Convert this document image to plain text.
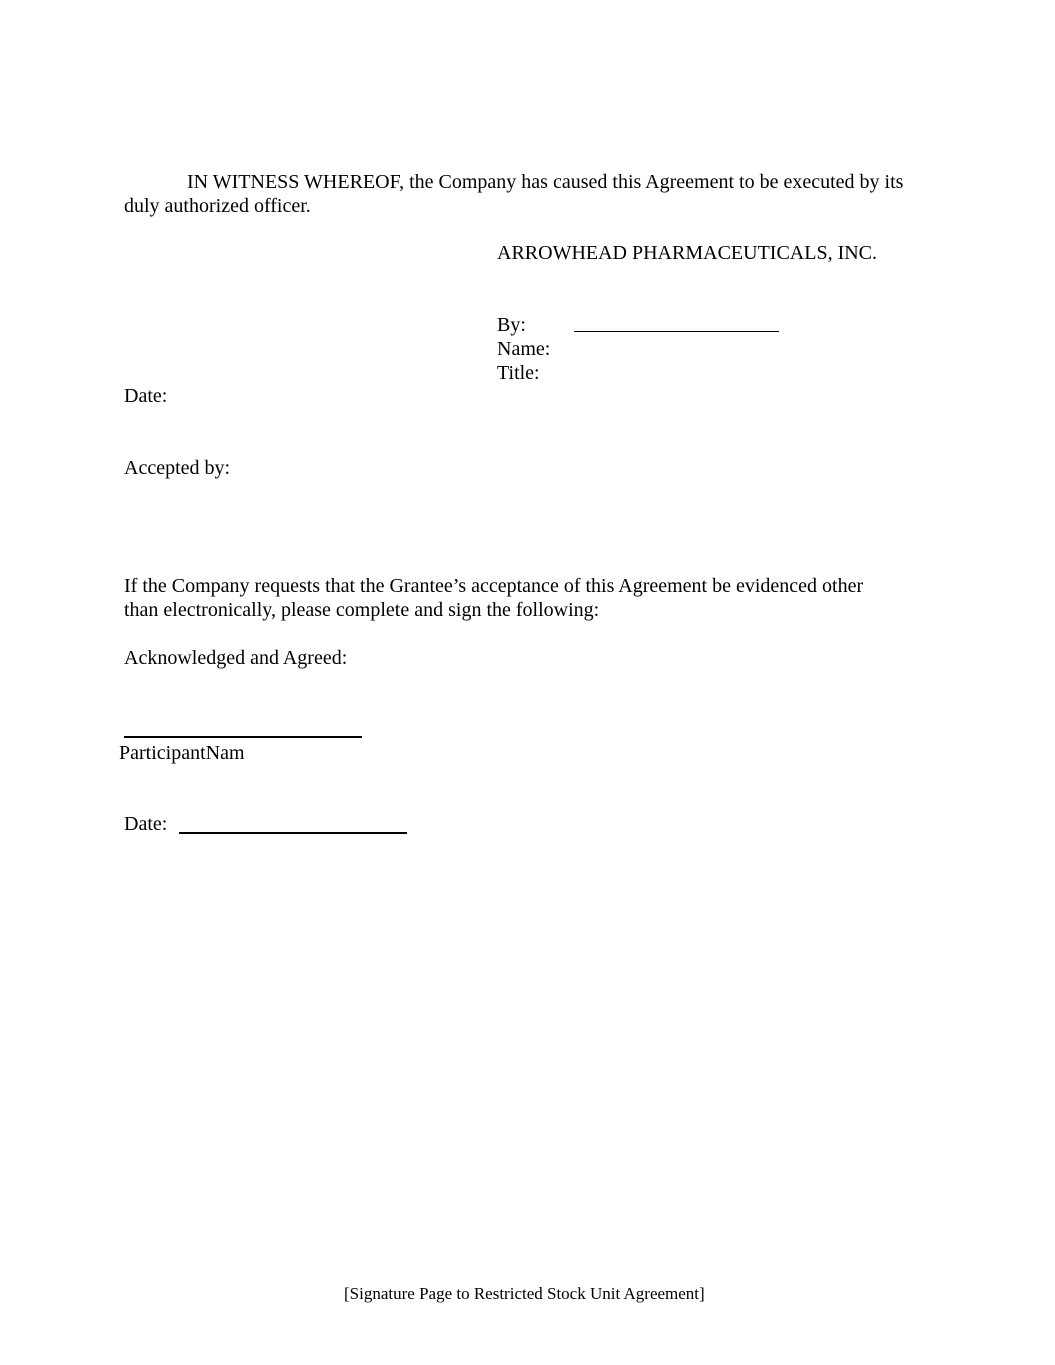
IN WITNESS WHEREOF, the Company has caused this Agreement to be executed by its
duly authorized officer.
ARROWHEAD PHARMACEUTICALS, INC.
By:
Name:
Title:
Date:
Accepted by:
If the Company requests that the Grantee’s acceptance of this Agreement be evidenced other
than electronically, please complete and sign the following:
Acknowledged and Agreed:
ParticipantNam
Date:
[Signature Page to Restricted Stock Unit Agreement]
